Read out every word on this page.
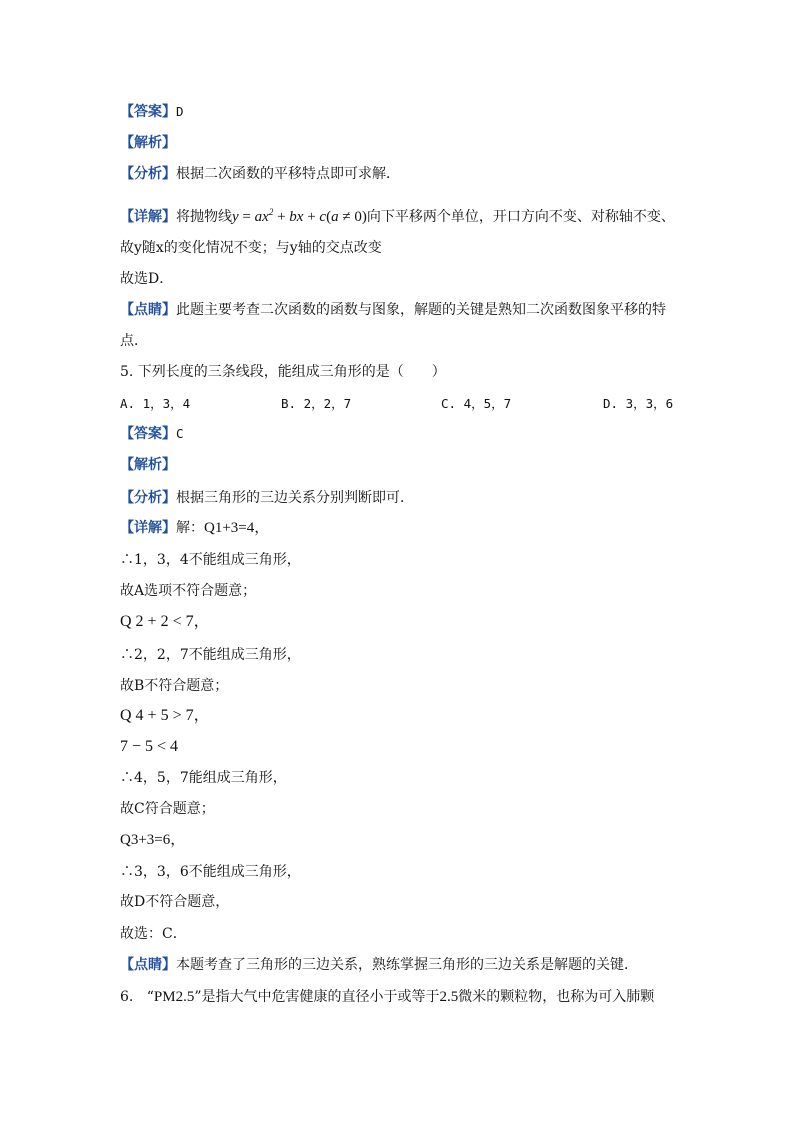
【答案】D
【解析】
【分析】根据二次函数的平移特点即可求解．
【详解】将抛物线$y = ax^2$ + bx + c(a ≠ 0)向下平移两个单位，开口方向不变、对称轴不变、
故y随x的变化情况不变；与y轴的交点改变
故选D．
【点睛】此题主要考查二次函数的函数与图象，解题的关键是熟知二次函数图象平移的特
点．
5. 下列长度的三条线段，能组成三角形的是（　　）
A. 1，3，4	B. 2，2，7	C. 4，5，7	D. 3，3，6
【答案】C
【解析】
【分析】根据三角形的三边关系分别判断即可．
【详解】解：Q1+3=4，
∴1，3，4不能组成三角形，
故A选项不符合题意；
Q 2 + 2 < 7，
∴2，2，7不能组成三角形，
故B不符合题意；
Q 4 + 5 > 7，
7 − 5 < 4
∴4，5，7能组成三角形，
故C符合题意；
Q3+3=6，
∴3，3，6不能组成三角形，
故D不符合题意，
故选：C．
【点睛】本题考查了三角形的三边关系，熟练掌握三角形的三边关系是解题的关键．
6. “PM2.5”是指大气中危害健康的直径小于或等于2.5微米的颗粒物，也称为可入肺颗
